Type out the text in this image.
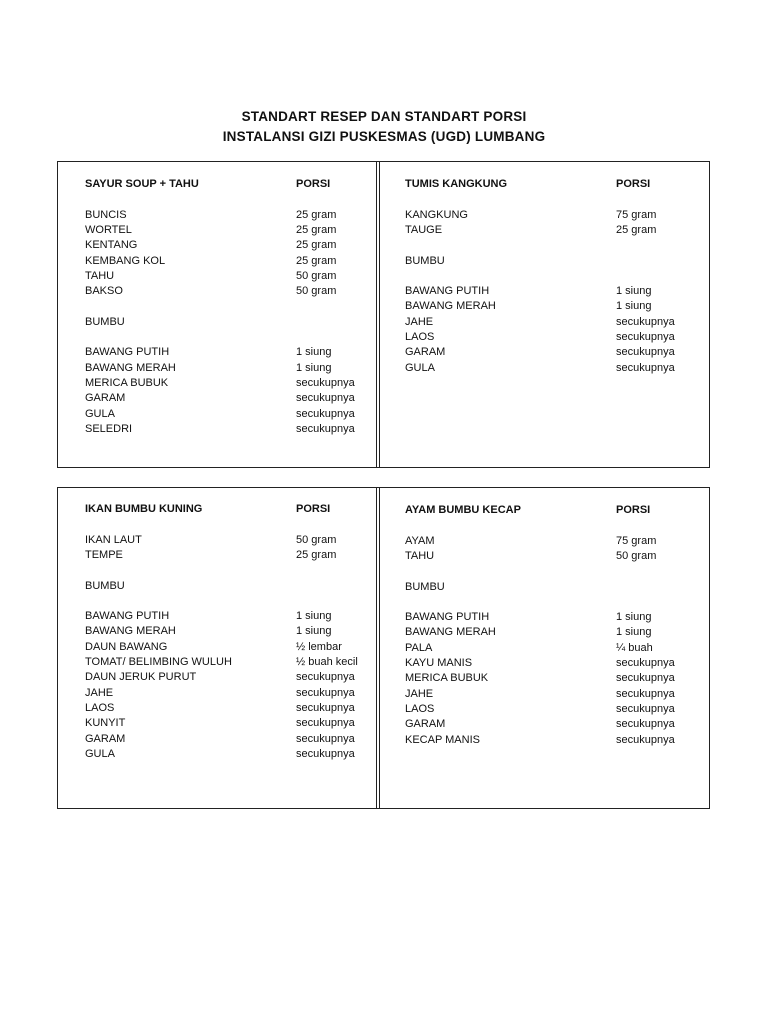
STANDART RESEP DAN STANDART PORSI
INSTALANSI GIZI PUSKESMAS (UGD) LUMBANG
SAYUR SOUP + TAHU	PORSI
BUNCIS	25 gram
WORTEL	25 gram
KENTANG	25 gram
KEMBANG KOL	25 gram
TAHU	50 gram
BAKSO	50 gram
BUMBU
BAWANG PUTIH	1 siung
BAWANG MERAH	1 siung
MERICA BUBUK	secukupnya
GARAM	secukupnya
GULA	secukupnya
SELEDRI	secukupnya
TUMIS KANGKUNG	PORSI
KANGKUNG	75 gram
TAUGE	25 gram
BUMBU
BAWANG PUTIH	1 siung
BAWANG MERAH	1 siung
JAHE	secukupnya
LAOS	secukupnya
GARAM	secukupnya
GULA	secukupnya
IKAN BUMBU KUNING	PORSI
IKAN LAUT	50 gram
TEMPE	25 gram
BUMBU
BAWANG PUTIH	1 siung
BAWANG MERAH	1 siung
DAUN BAWANG	½ lembar
TOMAT/ BELIMBING WULUH	½ buah kecil
DAUN JERUK PURUT	secukupnya
JAHE	secukupnya
LAOS	secukupnya
KUNYIT	secukupnya
GARAM	secukupnya
GULA	secukupnya
AYAM BUMBU KECAP	PORSI
AYAM	75 gram
TAHU	50 gram
BUMBU
BAWANG PUTIH	1 siung
BAWANG MERAH	1 siung
PALA	¼ buah
KAYU MANIS	secukupnya
MERICA BUBUK	secukupnya
JAHE	secukupnya
LAOS	secukupnya
GARAM	secukupnya
KECAP MANIS	secukupnya
